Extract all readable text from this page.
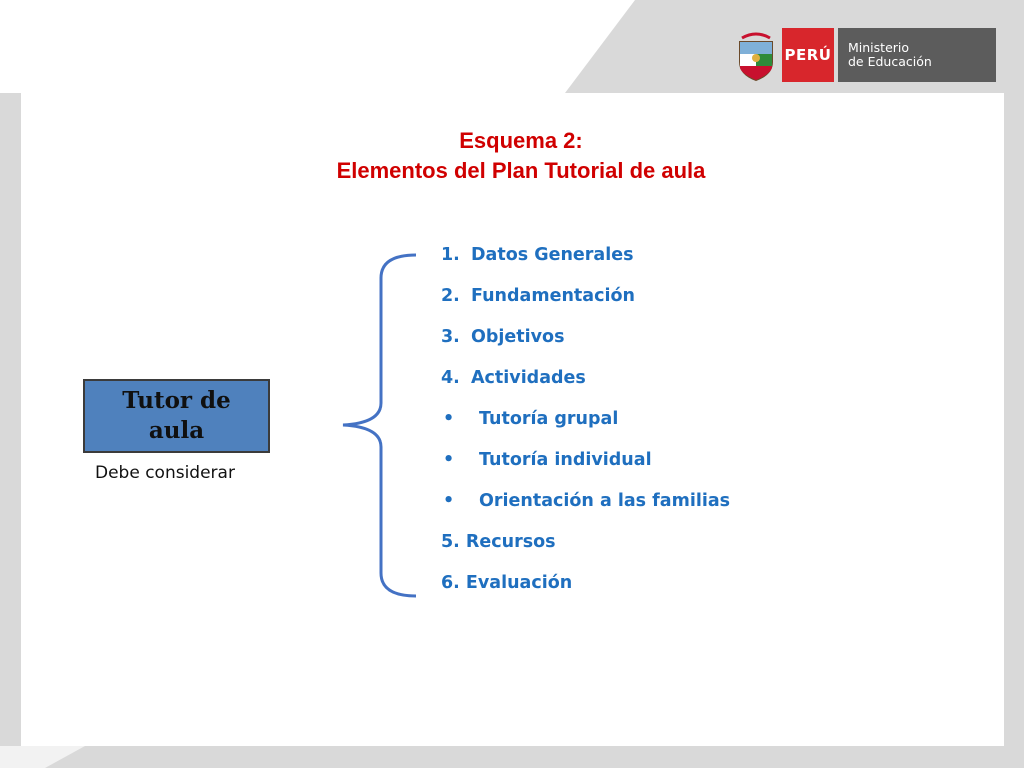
PERÚ Ministerio
de Educación
Esquema 2:
Elementos del Plan Tutorial de aula
Tutor de
aula
Debe considerar
1. Datos Generales
2. Fundamentación
3. Objetivos
4. Actividades
• Tutoría grupal
• Tutoría individual
• Orientación a las familias
5. Recursos
6. Evaluación
